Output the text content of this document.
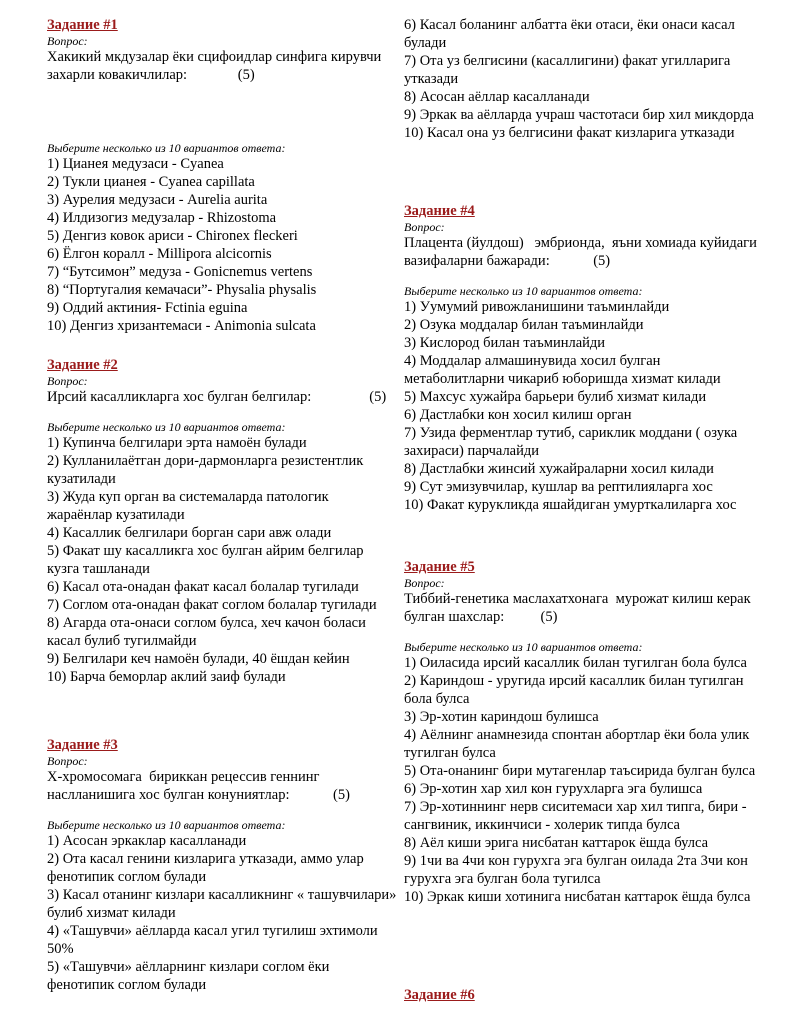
Задание #1

Вопрос:

Хакикий мкдузалар ёки сцифоидлар синфига кирувчи захарли ковакичлилар:              (5)

Выберите несколько из 10 вариантов ответа:

1) Цианея медузаси - Cyanea
2) Тукли цианея - Cyanea capillata
3) Аурелия медузаси - Aurelia aurita
4) Илдизогиз медузалар - Rhizostoma
5) Денгиз ковок ариси - Chironex fleckeri
6) Ёлгон коралл - Millipora alcicornis
7) “Бутсимон” медуза - Gonicnemus vertens
8) “Португалия кемачаси”- Physalia physalis
9) Оддий актиния- Fctinia eguina
10) Денгиз хризантемаси - Animonia sulcata

Задание #2

Вопрос:

Ирсий касалликларга хос булган белгилар:                (5)

Выберите несколько из 10 вариантов ответа:

1) Купинча белгилари эрта намоён булади
2) Кулланилаётган дори-дармонларга резистентлик кузатилади
3) Жуда куп орган ва системаларда патологик жараёнлар кузатилади
4) Касаллик белгилари борган сари авж олади
5) Факат шу касалликга хос булган айрим белгилар кузга ташланади
6) Касал ота-онадан факат касал болалар тугилади
7) Соглом ота-онадан факат соглом болалар тугилади
8) Агарда ота-онаси соглом булса, хеч качон боласи касал булиб тугилмайди
9) Белгилари кеч намоён булади, 40 ёшдан кейин
10) Барча беморлар аклий заиф булади

Задание #3

Вопрос:

Х-хромосомага  бириккан рецессив геннинг наслланишига хос булган конуниятлар:            (5)

Выберите несколько из 10 вариантов ответа:

1) Асосан эркаклар касалланади
2) Ота касал генини кизларига утказади, аммо улар фенотипик соглом булади
3) Касал отанинг кизлари касалликнинг « ташувчилари» булиб хизмат килади
4) «Ташувчи» аёлларда касал угил тугилиш эхтимоли 50%
5) «Ташувчи» аёлларнинг кизлари соглом ёки фенотипик соглом булади
6) Касал боланинг албатта ёки отаси, ёки онаси касал булади
7) Ота уз белгисини (касаллигини) факат угилларига утказади
8) Асосан аёллар касалланади
9) Эркак ва аёлларда учраш частотаси бир хил микдорда
10) Касал она уз белгисини факат кизларига утказади

Задание #4

Вопрос:

Плацента (йулдош)   эмбрионда,  яъни хомиада куйидаги вазифаларни бажаради:            (5)

Выберите несколько из 10 вариантов ответа:

1) Уумумий ривожланишини таъминлайди
2) Озука моддалар билан таъминлайди
3) Кислород билан таъминлайди
4) Моддалар алмашинувида хосил булган метаболитларни чикариб юборишда хизмат килади
5) Махсус хужайра барьери булиб хизмат килади
6) Дастлабки кон хосил килиш орган
7) Узида ферментлар тутиб, сариклик моддани ( озука захираси) парчалайди
8) Дастлабки жинсий хужайраларни хосил килади
9) Сут эмизувчилар, кушлар ва рептилияларга хос
10) Факат курукликда яшайдиган умурткалиларга хос

Задание #5

Вопрос:

Тиббий-генетика маслахатхонага  мурожат килиш керак  булган шахслар:          (5)

Выберите несколько из 10 вариантов ответа:

1) Оиласида ирсий касаллик билан тугилган бола булса
2) Кариндош - уругида ирсий касаллик билан тугилган бола булса
3) Эр-хотин кариндош булишса
4) Аёлнинг анамнезида спонтан абортлар ёки бола улик тугилган булса
5) Ота-онанинг бири мутагенлар таъсирида булган булса
6) Эр-хотин хар хил кон гурухларга эга булишса
7) Эр-хотиннинг нерв сиситемаси хар хил типга, бири - сангвиник, иккинчиси - холерик типда булса
8) Аёл киши эрига нисбатан каттарок ёшда булса
9) 1чи ва 4чи кон гурухга эга булган оилада 2та 3чи кон гурухга эга булган бола тугилса
10) Эркак киши хотинига нисбатан каттарок ёшда булса

Задание #6
